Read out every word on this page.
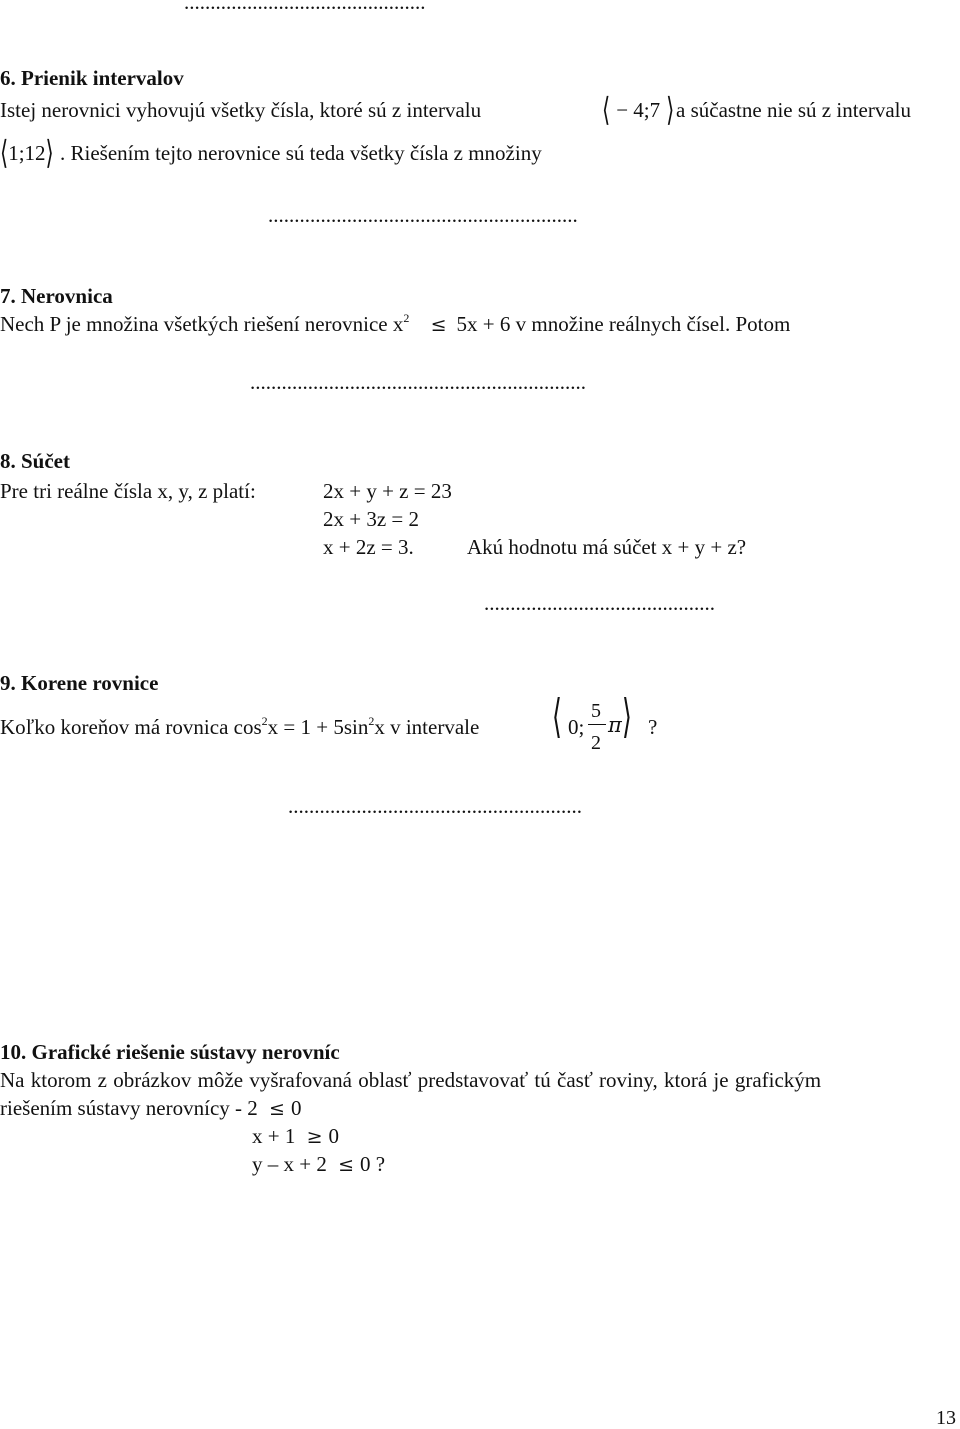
..............................................
6. Prienik intervalov
Istej nerovnici vyhovujú všetky čísla, ktoré sú z intervalu	⟨ − 4;7 ⟩ a súčastne nie sú z intervalu
⟨1;12⟩ . Riešením tejto nerovnice sú teda všetky čísla z množiny
...........................................................
7. Nerovnica
Nech P je množina všetkých riešení nerovnice $x^2 \le 5x + 6$ v množine reálnych čísel. Potom
................................................................
8. Súčet
Pre tri reálne čísla x, y, z platí:	2x + y + z = 23
2x + 3z = 2
x + 2z = 3.	Akú hodnotu má súčet x + y + z?
............................................
9. Korene rovnice
Koľko koreňov má rovnica $\cos^2x = 1 + 5\sin^2x$ v intervale ⟨ 0;
5
2
π ⟩ ?
........................................................
10. Grafické riešenie sústavy nerovníc
Na ktorom z obrázkov môže vyšrafovaná oblasť predstavovať tú časť roviny, ktorá je grafickým
riešením sústavy nerovnícy - 2 ≤ 0
x + 1 ≥ 0
y – x + 2 ≤ 0 ?
13
